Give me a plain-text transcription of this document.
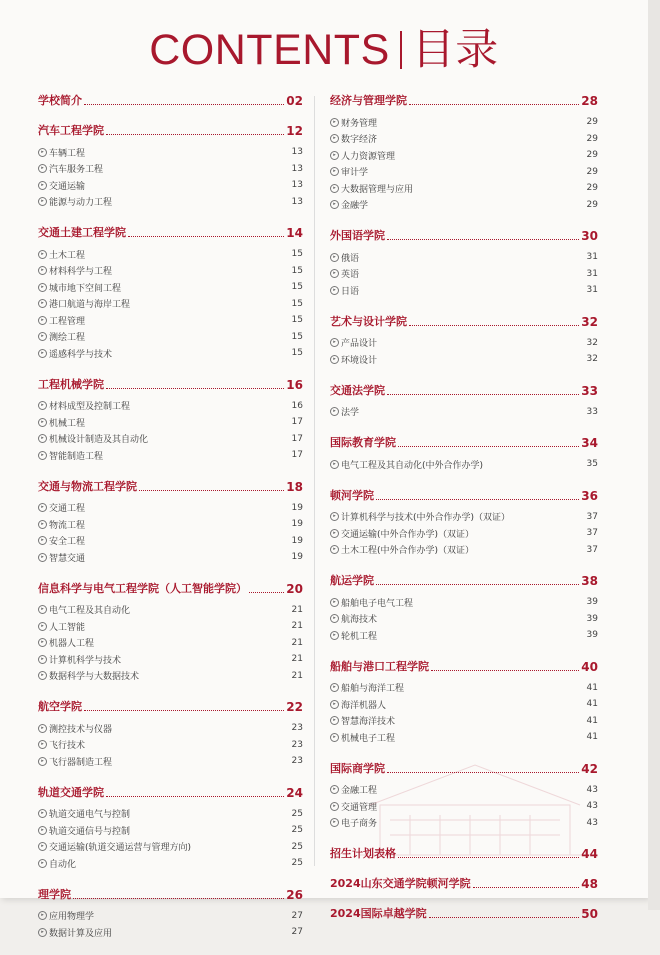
CONTENTS 目录
学校简介	02
汽车工程学院	12
▸ 车辆工程	13
▸ 汽车服务工程	13
▸ 交通运输	13
▸ 能源与动力工程	13
交通土建工程学院	14
▸ 土木工程	15
▸ 材料科学与工程	15
▸ 城市地下空间工程	15
▸ 港口航道与海岸工程	15
▸ 工程管理	15
▸ 测绘工程	15
▸ 遥感科学与技术	15
工程机械学院	16
▸ 材料成型及控制工程	16
▸ 机械工程	17
▸ 机械设计制造及其自动化	17
▸ 智能制造工程	17
交通与物流工程学院	18
▸ 交通工程	19
▸ 物流工程	19
▸ 安全工程	19
▸ 智慧交通	19
信息科学与电气工程学院（人工智能学院）	20
▸ 电气工程及其自动化	21
▸ 人工智能	21
▸ 机器人工程	21
▸ 计算机科学与技术	21
▸ 数据科学与大数据技术	21
航空学院	22
▸ 测控技术与仪器	23
▸ 飞行技术	23
▸ 飞行器制造工程	23
轨道交通学院	24
▸ 轨道交通电气与控制	25
▸ 轨道交通信号与控制	25
▸ 交通运输(轨道交通运营与管理方向)	25
▸ 自动化	25
理学院	26
▸ 应用物理学	27
▸ 数据计算及应用	27
经济与管理学院	28
▸ 财务管理	29
▸ 数字经济	29
▸ 人力资源管理	29
▸ 审计学	29
▸ 大数据管理与应用	29
▸ 金融学	29
外国语学院	30
▸ 俄语	31
▸ 英语	31
▸ 日语	31
艺术与设计学院	32
▸ 产品设计	32
▸ 环境设计	32
交通法学院	33
▸ 法学	33
国际教育学院	34
▸ 电气工程及其自动化(中外合作办学)	35
顿河学院	36
▸ 计算机科学与技术(中外合作办学)（双证）	37
▸ 交通运输(中外合作办学)（双证）	37
▸ 土木工程(中外合作办学)（双证）	37
航运学院	38
▸ 船舶电子电气工程	39
▸ 航海技术	39
▸ 轮机工程	39
船舶与港口工程学院	40
▸ 船舶与海洋工程	41
▸ 海洋机器人	41
▸ 智慧海洋技术	41
▸ 机械电子工程	41
国际商学院	42
▸ 金融工程	43
▸ 交通管理	43
▸ 电子商务	43
招生计划表格	44
2024山东交通学院顿河学院	48
2024国际卓越学院	50
